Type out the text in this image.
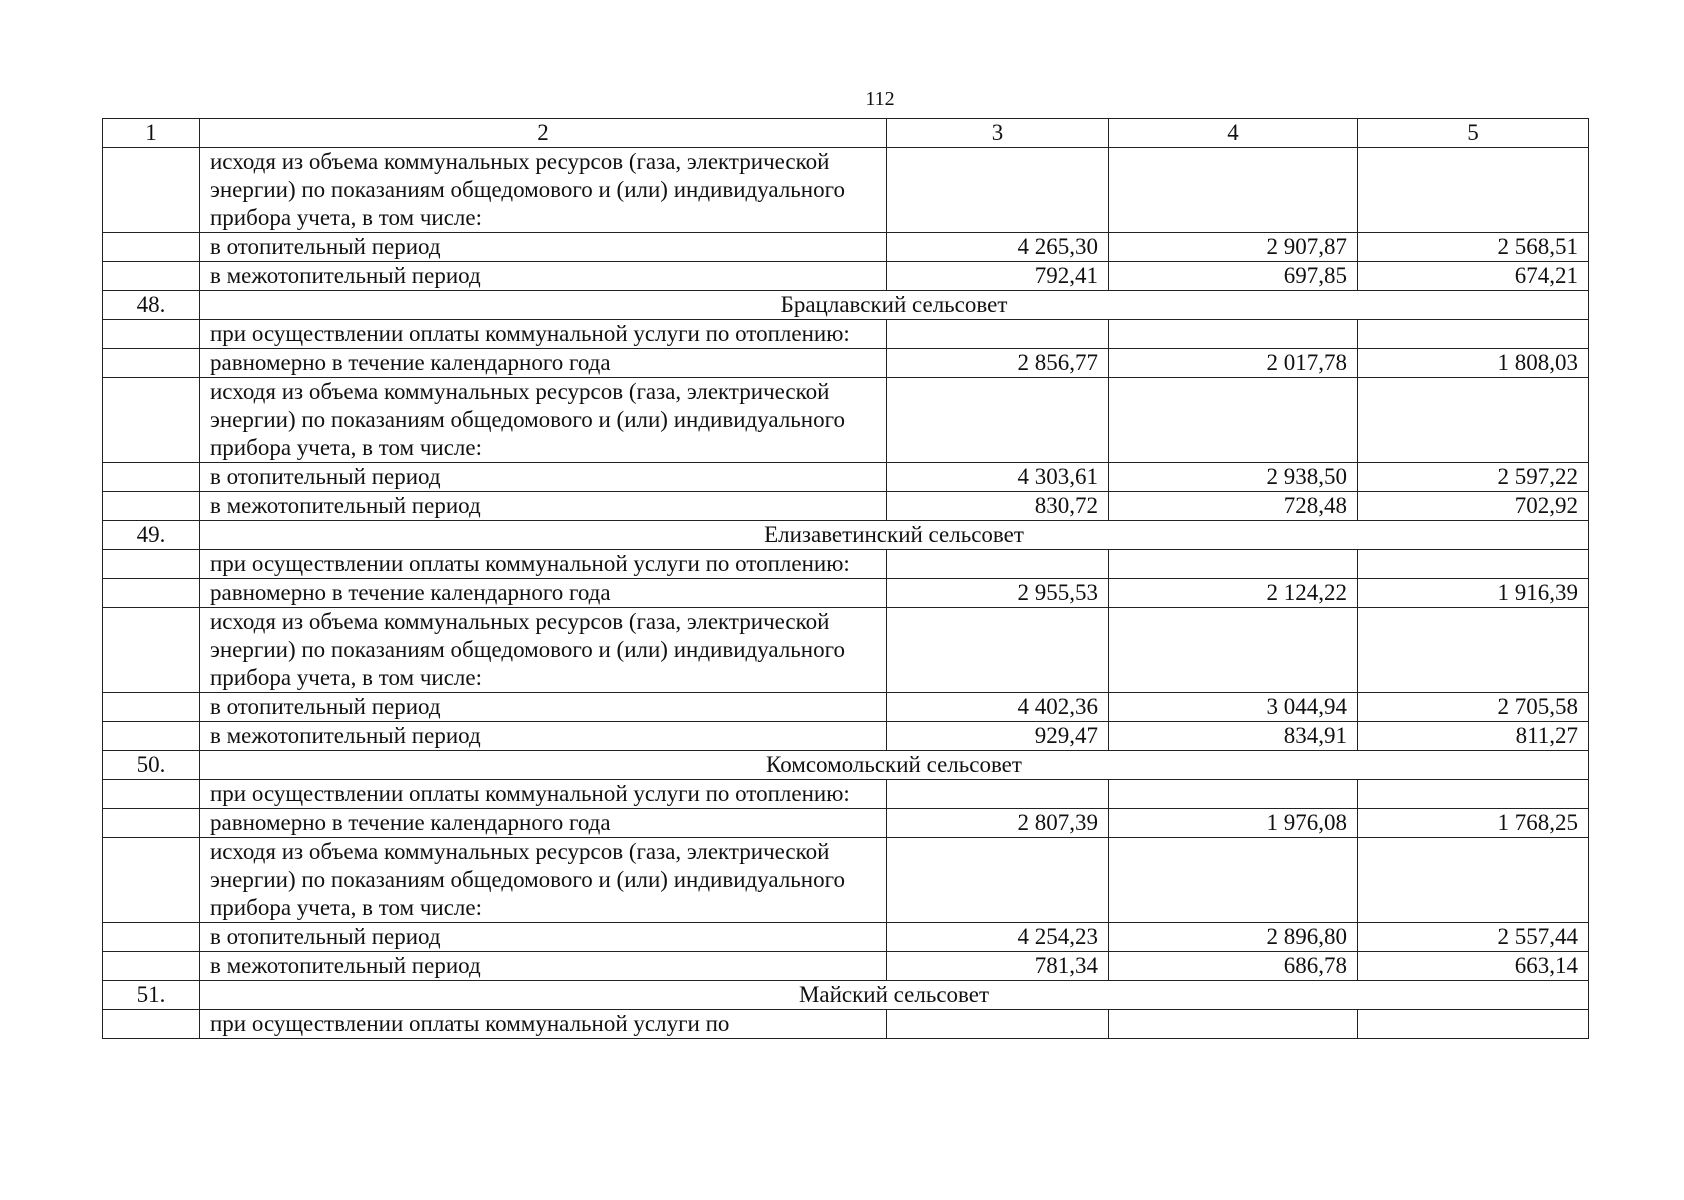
112
1	2	3	4	5
	исходя из объема коммунальных ресурсов (газа, электрической энергии) по показаниям общедомового и (или) индивидуального прибора учета, в том числе:			
	в отопительный период	4 265,30	2 907,87	2 568,51
	в межотопительный период	792,41	697,85	674,21
48.	Брацлавский сельсовет			
	при осуществлении оплаты коммунальной услуги по отоплению:			
	равномерно в течение календарного года	2 856,77	2 017,78	1 808,03
	исходя из объема коммунальных ресурсов (газа, электрической энергии) по показаниям общедомового и (или) индивидуального прибора учета, в том числе:			
	в отопительный период	4 303,61	2 938,50	2 597,22
	в межотопительный период	830,72	728,48	702,92
49.	Елизаветинский сельсовет			
	при осуществлении оплаты коммунальной услуги по отоплению:			
	равномерно в течение календарного года	2 955,53	2 124,22	1 916,39
	исходя из объема коммунальных ресурсов (газа, электрической энергии) по показаниям общедомового и (или) индивидуального прибора учета, в том числе:			
	в отопительный период	4 402,36	3 044,94	2 705,58
	в межотопительный период	929,47	834,91	811,27
50.	Комсомольский сельсовет			
	при осуществлении оплаты коммунальной услуги по отоплению:			
	равномерно в течение календарного года	2 807,39	1 976,08	1 768,25
	исходя из объема коммунальных ресурсов (газа, электрической энергии) по показаниям общедомового и (или) индивидуального прибора учета, в том числе:			
	в отопительный период	4 254,23	2 896,80	2 557,44
	в межотопительный период	781,34	686,78	663,14
51.	Майский сельсовет			
	при осуществлении оплаты коммунальной услуги по			
